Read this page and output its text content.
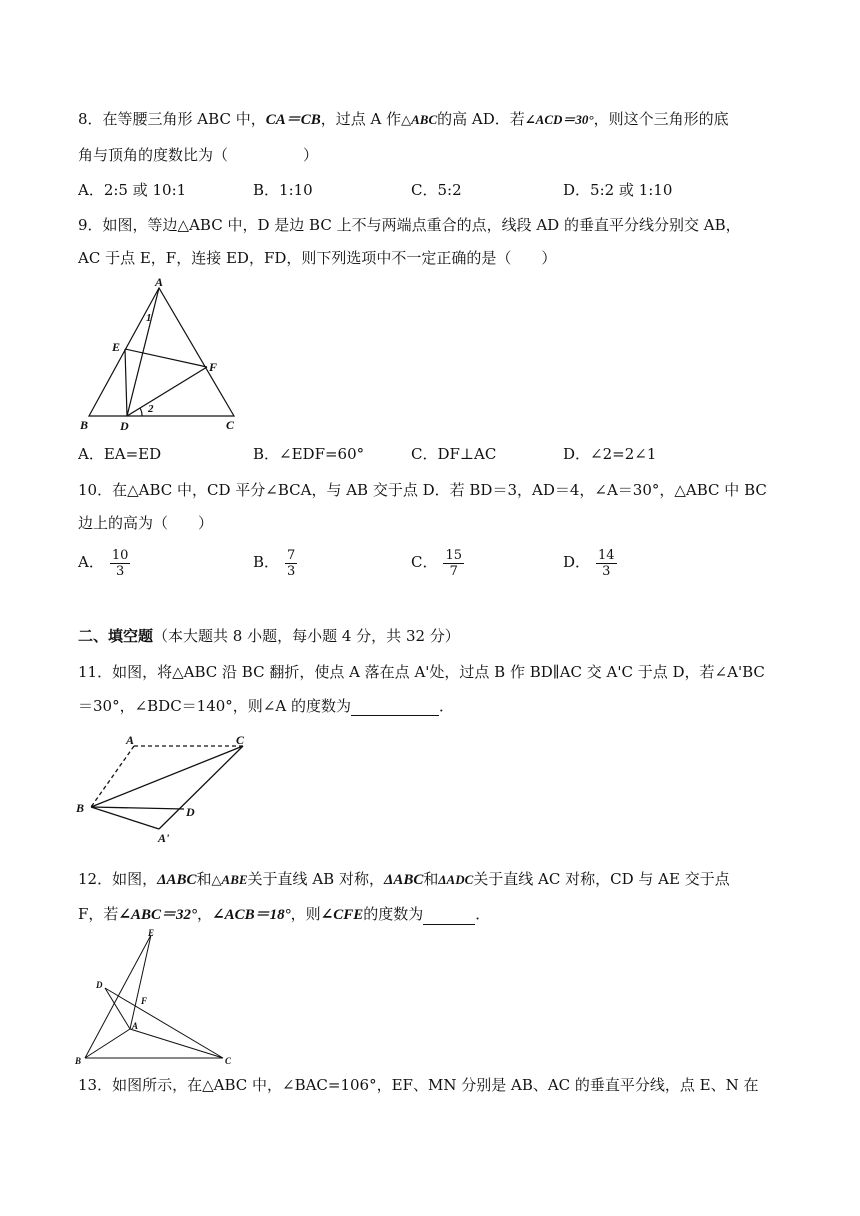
8．在等腰三角形 ABC 中，CA＝CB，过点 A 作△ABC的高 AD．若∠ACD＝30°，则这个三角形的底
角与顶角的度数比为（　　　　　）
A．2:5 或 10:1	B．1:10	C．5:2	D．5:2 或 1:10
9．如图，等边△ABC 中，D 是边 BC 上不与两端点重合的点，线段 AD 的垂直平分线分别交 AB，
AC 于点 E，F，连接 ED，FD，则下列选项中不一定正确的是（　　）
A
E
F
B	D	C
1
2
A．EA=ED	B．∠EDF=60°	C．DF⊥AC	D．∠2=2∠1
10．在△ABC 中，CD 平分∠BCA，与 AB 交于点 D．若 BD＝3，AD＝4，∠A＝30°，△ABC 中 BC
边上的高为（　　）
A． $\frac{10}{3}$	B． $\frac{7}{3}$	C． $\frac{15}{7}$	D． $\frac{14}{3}$
二、填空题（本大题共 8 小题，每小题 4 分，共 32 分）
11．如图，将△ABC 沿 BC 翻折，使点 A 落在点 A'处，过点 B 作 BD∥AC 交 A'C 于点 D，若∠A'BC
＝30°，∠BDC＝140°，则∠A 的度数为	．
A	C
B	D
A'
12．如图，ΔABC和△ABE关于直线 AB 对称，ΔABC和ΔADC关于直线 AC 对称，CD 与 AE 交于点
F，若∠ABC＝32°，∠ACB＝18°，则∠CFE的度数为	．
E
D
F
A
B	C
13．如图所示，在△ABC 中，∠BAC=106°，EF、MN 分别是 AB、AC 的垂直平分线，点 E、N 在
